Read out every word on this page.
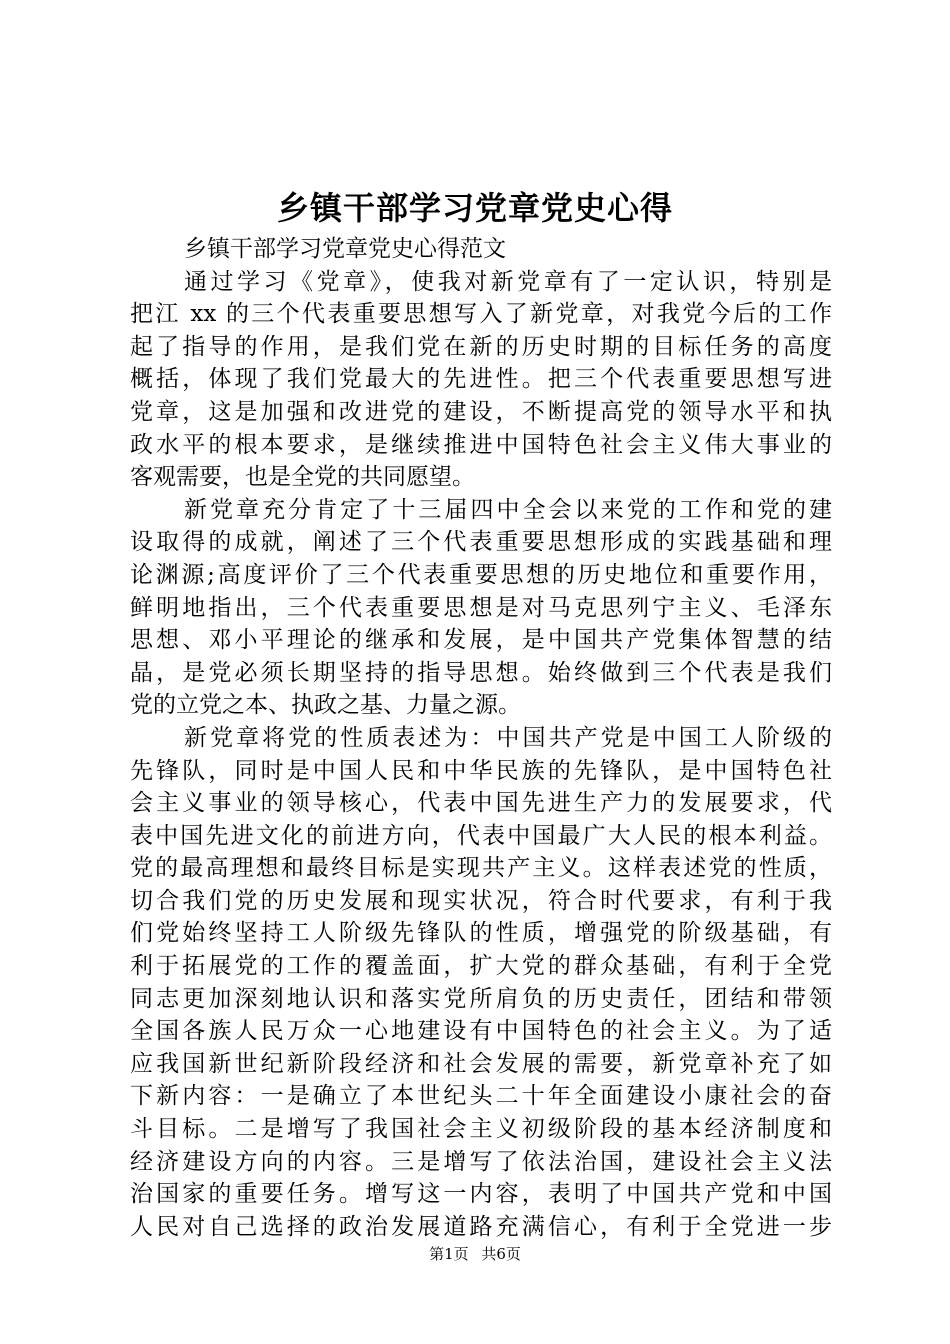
乡镇干部学习党章党史心得
乡镇干部学习党章党史心得范文
通过学习《党章》，使我对新党章有了一定认识，特别是
把江 xx 的三个代表重要思想写入了新党章，对我党今后的工作
起了指导的作用，是我们党在新的历史时期的目标任务的高度
概括，体现了我们党最大的先进性。把三个代表重要思想写进
党章，这是加强和改进党的建设，不断提高党的领导水平和执
政水平的根本要求，是继续推进中国特色社会主义伟大事业的
客观需要，也是全党的共同愿望。
新党章充分肯定了十三届四中全会以来党的工作和党的建
设取得的成就，阐述了三个代表重要思想形成的实践基础和理
论渊源;高度评价了三个代表重要思想的历史地位和重要作用，
鲜明地指出，三个代表重要思想是对马克思列宁主义、毛泽东
思想、邓小平理论的继承和发展，是中国共产党集体智慧的结
晶，是党必须长期坚持的指导思想。始终做到三个代表是我们
党的立党之本、执政之基、力量之源。
新党章将党的性质表述为：中国共产党是中国工人阶级的
先锋队，同时是中国人民和中华民族的先锋队，是中国特色社
会主义事业的领导核心，代表中国先进生产力的发展要求，代
表中国先进文化的前进方向，代表中国最广大人民的根本利益。
党的最高理想和最终目标是实现共产主义。这样表述党的性质，
切合我们党的历史发展和现实状况，符合时代要求，有利于我
们党始终坚持工人阶级先锋队的性质，增强党的阶级基础，有
利于拓展党的工作的覆盖面，扩大党的群众基础，有利于全党
同志更加深刻地认识和落实党所肩负的历史责任，团结和带领
全国各族人民万众一心地建设有中国特色的社会主义。为了适
应我国新世纪新阶段经济和社会发展的需要，新党章补充了如
下新内容：一是确立了本世纪头二十年全面建设小康社会的奋
斗目标。二是增写了我国社会主义初级阶段的基本经济制度和
经济建设方向的内容。三是增写了依法治国，建设社会主义法
治国家的重要任务。增写这一内容，表明了中国共产党和中国
人民对自己选择的政治发展道路充满信心，有利于全党进一步
第1页 共6页
